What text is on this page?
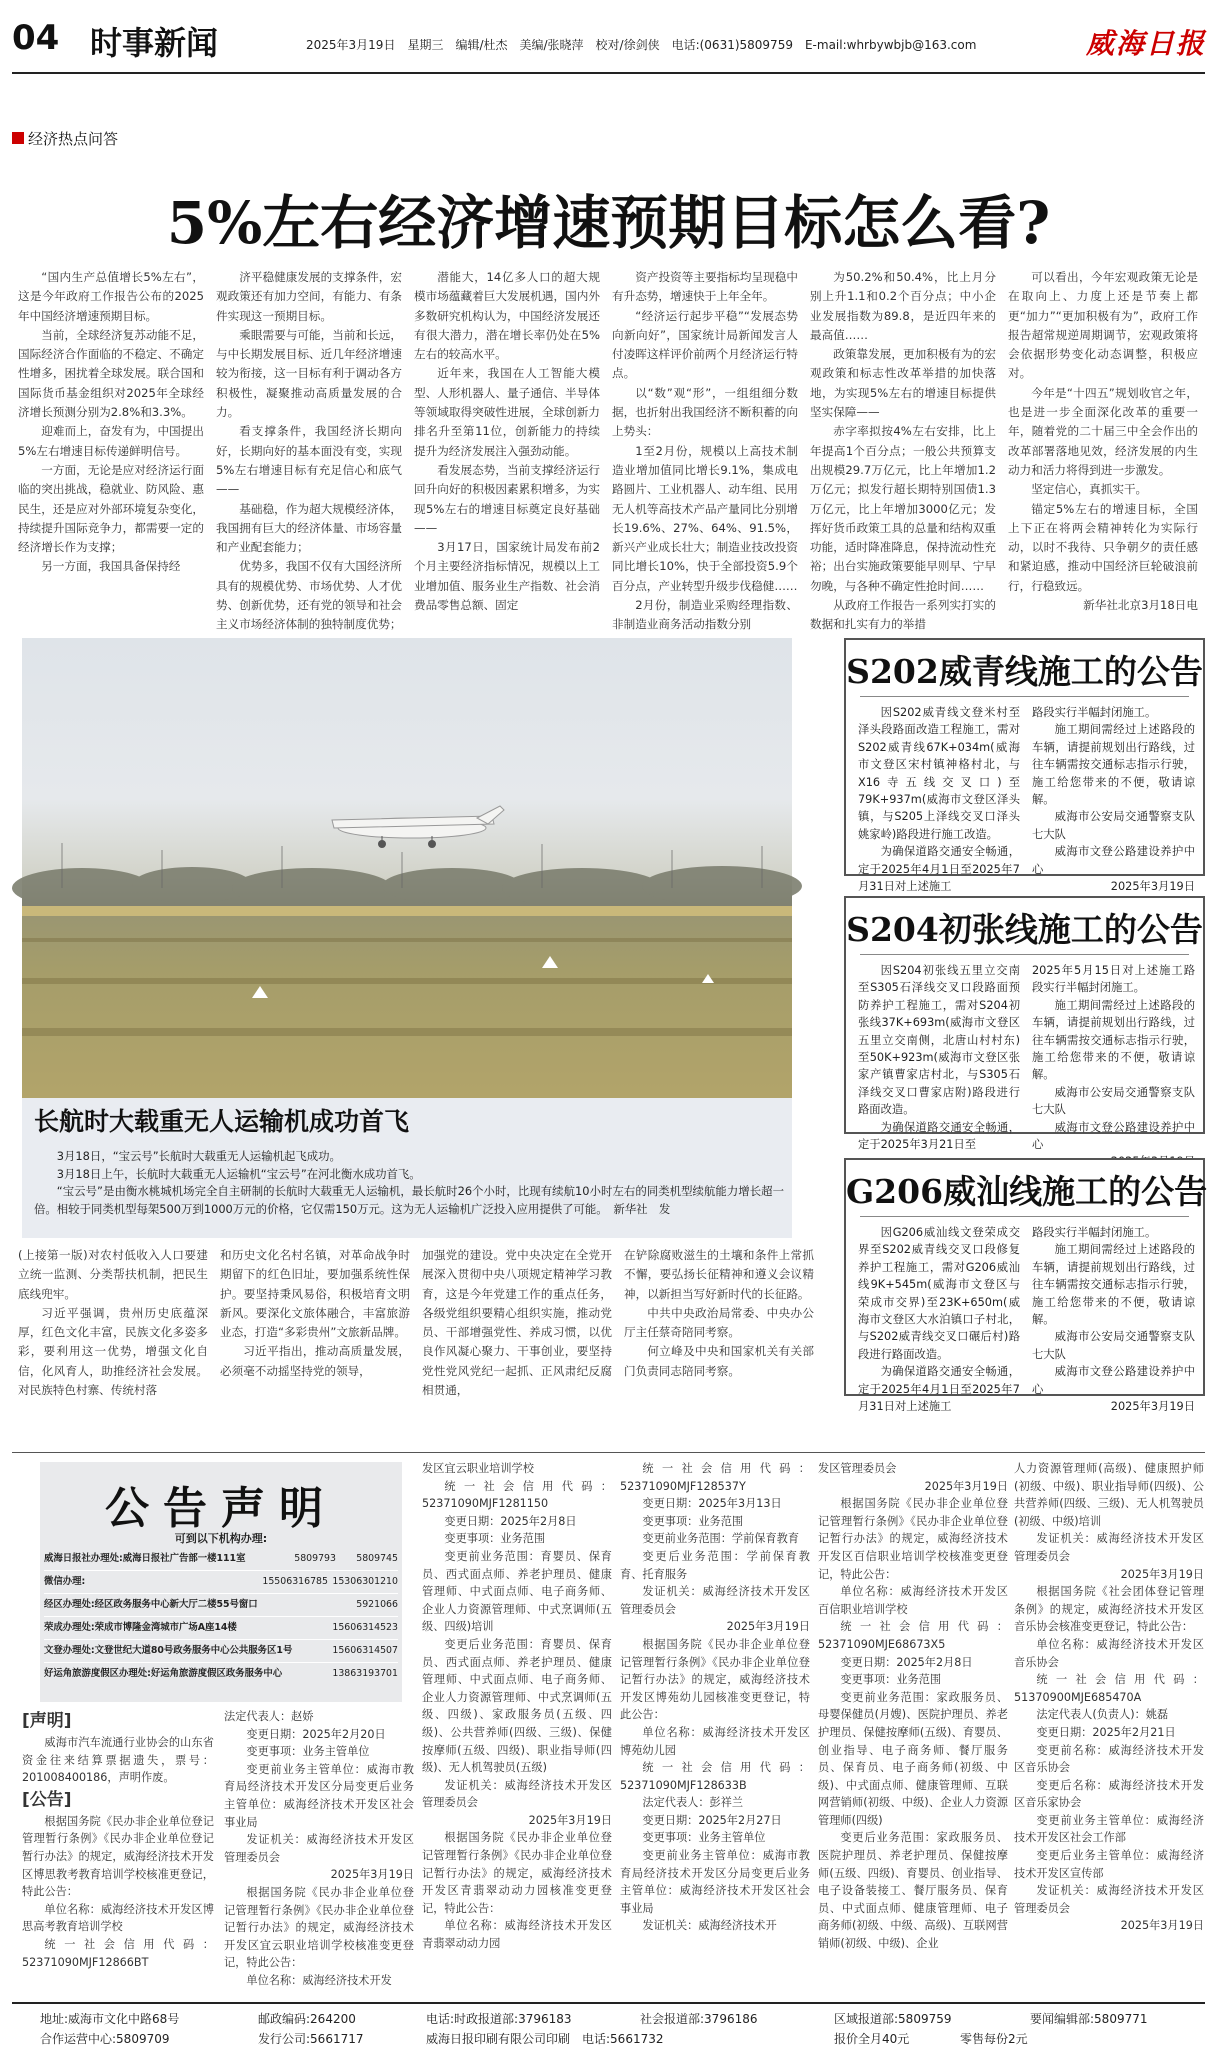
04 时事新闻	2025年3月19日　星期三　编辑/杜杰　美编/张晓萍　校对/徐剑侠　电话:(0631)5809759　E-mail:whrbywbjb@163.com	威海日报
经济热点问答
5%左右经济增速预期目标怎么看?

“国内生产总值增长5%左右”，这是今年政府工作报告公布的2025年中国经济增速预期目标。

当前，全球经济复苏动能不足，国际经济合作面临的不稳定、不确定性增多，困扰着全球发展。联合国和国际货币基金组织对2025年全球经济增长预测分别为2.8%和3.3%。

迎难而上，奋发有为，中国提出5%左右增速目标传递鲜明信号。

一方面，无论是应对经济运行面临的突出挑战，稳就业、防风险、惠民生，还是应对外部环境复杂变化，持续提升国际竞争力，都需要一定的经济增长作为支撑；

另一方面，我国具备保持经

济平稳健康发展的支撑条件，宏观政策还有加力空间，有能力、有条件实现这一预期目标。

乘眼需要与可能，当前和长远，与中长期发展目标、近几年经济增速较为衔接，这一目标有利于调动各方积极性，凝聚推动高质量发展的合力。

看支撑条件，我国经济长期向好，长期向好的基本面没有变，实现5%左右增速目标有充足信心和底气——

基础稳，作为超大规模经济体，我国拥有巨大的经济体量、市场容量和产业配套能力；

优势多，我国不仅有大国经济所具有的规模优势、市场优势、人才优势、创新优势，还有党的领导和社会主义市场经济体制的独特制度优势；

潜能大，14亿多人口的超大规模市场蕴藏着巨大发展机遇，国内外多数研究机构认为，中国经济发展还有很大潜力，潜在增长率仍处在5%左右的较高水平。

近年来，我国在人工智能大模型、人形机器人、量子通信、半导体等领域取得突破性进展，全球创新力排名升至第11位，创新能力的持续提升为经济发展注入强劲动能。

看发展态势，当前支撑经济运行回升向好的积极因素累积增多，为实现5%左右的增速目标奠定良好基础——

3月17日，国家统计局发布前2个月主要经济指标情况，规模以上工业增加值、服务业生产指数、社会消费品零售总额、固定

资产投资等主要指标均呈现稳中有升态势，增速快于上年全年。

“经济运行起步平稳”“发展态势向新向好”，国家统计局新闻发言人付凌晖这样评价前两个月经济运行特点。

以“数”观“形”，一组组细分数据，也折射出我国经济不断积蓄的向上势头：

1至2月份，规模以上高技术制造业增加值同比增长9.1%，集成电路圆片、工业机器人、动车组、民用无人机等高技术产品产量同比分别增长19.6%、27%、64%、91.5%，新兴产业成长壮大；制造业技改投资同比增长10%，快于全部投资5.9个百分点，产业转型升级步伐稳健……

2月份，制造业采购经理指数、非制造业商务活动指数分别

为50.2%和50.4%，比上月分别上升1.1和0.2个百分点；中小企业发展指数为89.8，是近四年来的最高值……

政策靠发展，更加积极有为的宏观政策和标志性改革举措的加快落地，为实现5%左右的增速目标提供坚实保障——

赤字率拟按4%左右安排，比上年提高1个百分点；一般公共预算支出规模29.7万亿元，比上年增加1.2万亿元；拟发行超长期特别国债1.3万亿元，比上年增加3000亿元；发挥好货币政策工具的总量和结构双重功能，适时降准降息，保持流动性充裕；出台实施政策要能早则早、宁早勿晚，与各种不确定性抢时间……

从政府工作报告一系列实打实的数据和扎实有力的举措

可以看出，今年宏观政策无论是在取向上、力度上还是节奏上都更“加力”“更加积极有为”，政府工作报告超常规逆周期调节，宏观政策将会依据形势变化动态调整，积极应对。

今年是“十四五”规划收官之年，也是进一步全面深化改革的重要一年，随着党的二十届三中全会作出的改革部署落地见效，经济发展的内生动力和活力将得到进一步激发。

坚定信心，真抓实干。

锚定5%左右的增速目标，全国上下正在将两会精神转化为实际行动，以时不我待、只争朝夕的责任感和紧迫感，推动中国经济巨轮破浪前行，行稳致远。

新华社北京3月18日电

长航时大载重无人运输机成功首飞

3月18日，“宝云号”长航时大载重无人运输机起飞成功。

3月18日上午，长航时大载重无人运输机“宝云号”在河北衡水成功首飞。

“宝云号”是由衡水桃城机场完全自主研制的长航时大载重无人运输机，最长航时26个小时，比现有续航10小时左右的同类机型续航能力增长超一倍。相较于同类机型每架500万到1000万元的价格，它仅需150万元。这为无人运输机广泛投入应用提供了可能。　新华社　发

(上接第一版)对农村低收入人口要建立统一监测、分类帮扶机制，把民生底线兜牢。

习近平强调，贵州历史底蕴深厚，红色文化丰富，民族文化多姿多彩，要利用这一优势，增强文化自信，化风育人，助推经济社会发展。对民族特色村寨、传统村落

和历史文化名村名镇，对革命战争时期留下的红色旧址，要加强系统性保护。要坚持秉风易俗，积极培育文明新风。要深化文旅体融合，丰富旅游业态，打造“多彩贵州”文旅新品牌。

习近平指出，推动高质量发展，必须毫不动摇坚持党的领导，

加强党的建设。党中央决定在全党开展深入贯彻中央八项规定精神学习教育，这是今年党建工作的重点任务，各级党组织要精心组织实施，推动党员、干部增强党性、养成习惯，以优良作风凝心聚力、干事创业，要坚持党性党风党纪一起抓、正风肃纪反腐相贯通，

在铲除腐败滋生的土壤和条件上常抓不懈，要弘扬长征精神和遵义会议精神，以新担当写好新时代的长征路。

中共中央政治局常委、中央办公厅主任蔡奇陪同考察。

何立峰及中央和国家机关有关部门负责同志陪同考察。

S202威青线施工的公告

因S202威青线文登米村至泽头段路面改造工程施工，需对S202威青线67K+034m(威海市文登区宋村镇神格村北，与X16寺五线交叉口)至79K+937m(威海市文登区泽头镇，与S205上泽线交叉口泽头姚家岭)路段进行施工改造。

为确保道路交通安全畅通，定于2025年4月1日至2025年7月31日对上述施工

路段实行半幅封闭施工。

施工期间需经过上述路段的车辆，请提前规划出行路线，过往车辆需按交通标志指示行驶，施工给您带来的不便，敬请谅解。

威海市公安局交通警察支队七大队

威海市文登公路建设养护中心

2025年3月19日

S204初张线施工的公告

因S204初张线五里立交南至S305石泽线交叉口段路面预防养护工程施工，需对S204初张线37K+693m(威海市文登区五里立交南侧，北唐山村村东)至50K+923m(威海市文登区张家产镇曹家店村北，与S305石泽线交叉口曹家店附)路段进行路面改造。

为确保道路交通安全畅通，定于2025年3月21日至

2025年5月15日对上述施工路段实行半幅封闭施工。

施工期间需经过上述路段的车辆，请提前规划出行路线，过往车辆需按交通标志指示行驶，施工给您带来的不便，敬请谅解。

威海市公安局交通警察支队七大队

威海市文登公路建设养护中心

G206威汕线施工的公告

因G206威汕线文登荣成交界至S202威青线交叉口段修复养护工程施工，需对G206威汕线9K+545m(威海市文登区与荣成市交界)至23K+650m(威海市文登区大水泊镇口子村北，与S202威青线交叉口碾后村)路段进行路面改造。

为确保道路交通安全畅通，定于2025年4月1日至2025年7月31日对上述施工

路段实行半幅封闭施工。

施工期间需经过上述路段的车辆，请提前规划出行路线，过往车辆需按交通标志指示行驶，施工给您带来的不便，敬请谅解。

威海市公安局交通警察支队七大队

威海市文登公路建设养护中心

2025年3月19日

公告声明
可到以下机构办理:
威海日报社办理处:威海日报社广告部一楼111室	5809793	5809745
微信办理:	15506316785 15306301210
经区办理处:经区政务服务中心新大厅二楼55号窗口	5921066
荣成办理处:荣成市博隆金湾城市广场A座14楼	15606314523
文登办理处:文登世纪大道80号政务服务中心公共服务区1号	15606314507
好运角旅游度假区办理处:好运角旅游度假区政务服务中心	13863193701

[声明]

威海市汽车流通行业协会的山东省资金往来结算票据遗失，票号：201008400186，声明作废。

[公告]

根据国务院《民办非企业单位登记管理暂行条例》《民办非企业单位登记暂行办法》的规定，威海经济技术开发区博思教考教育培训学校核准更登记，特此公告：

单位名称：威海经济技术开发区博思高考教育培训学校

统一社会信用代码：52371090MJF12866BT

法定代表人：赵娇

变更日期：2025年2月20日

变更事项：业务主管单位

变更前业务主管单位：威海市教育局经济技术开发区分局变更后业务主管单位：威海经济技术开发区社会事业局

发证机关：威海经济技术开发区管理委员会

2025年3月19日

根据国务院《民办非企业单位登记管理暂行条例》《民办非企业单位登记暂行办法》的规定，威海经济技术开发区宜云职业培训学校核准变更登记，特此公告：

单位名称：威海经济技术开发

发区宜云职业培训学校

统一社会信用代码：52371090MJF1281150

变更日期：2025年2月8日

变更事项：业务范围

变更前业务范围：育婴员、保育员、西式面点师、养老护理员、健康管理师、中式面点师、电子商务师、企业人力资源管理师、中式烹调师(五级、四级)培训

变更后业务范围：育婴员、保育员、西式面点师、养老护理员、健康管理师、中式面点师、电子商务师、企业人力资源管理师、中式烹调师(五级、四级)、家政服务员(五级、四级)、公共营养师(四级、三级)、保健按摩师(五级、四级)、职业指导师(四级)、无人机驾驶员(五级)

发证机关：威海经济技术开发区管理委员会

2025年3月19日

根据国务院《民办非企业单位登记管理暂行条例》《民办非企业单位登记暂行办法》的规定，威海经济技术开发区青翡翠动动力园核准变更登记，特此公告：

单位名称：威海经济技术开发区青翡翠动动力园

统一社会信用代码：52371090MJF128537Y

变更日期：2025年3月13日

变更事项：业务范围

变更前业务范围：学前保育教育

变更后业务范围：学前保育教育、托育服务

发证机关：威海经济技术开发区管理委员会

2025年3月19日

根据国务院《民办非企业单位登记管理暂行条例》《民办非企业单位登记暂行办法》的规定，威海经济技术开发区博苑幼儿园核准变更登记，特此公告：

单位名称：威海经济技术开发区博苑幼儿园

统一社会信用代码：52371090MJF128633B

法定代表人：彭祥兰

变更日期：2025年2月27日

变更事项：业务主管单位

变更前业务主管单位：威海市教育局经济技术开发区分局变更后业务主管单位：威海经济技术开发区社会事业局

发证机关：威海经济技术开

发区管理委员会

2025年3月19日

根据国务院《民办非企业单位登记管理暂行条例》《民办非企业单位登记暂行办法》的规定，威海经济技术开发区百信职业培训学校核准变更登记，特此公告：

单位名称：威海经济技术开发区百信职业培训学校

统一社会信用代码：52371090MJE68673X5

变更日期：2025年2月8日

变更事项：业务范围

变更前业务范围：家政服务员、母婴保健员(月嫂)、医院护理员、养老护理员、保健按摩师(五级)、育婴员、创业指导、电子商务师、餐厅服务员、保育员、电子商务师(初级、中级)、中式面点师、健康管理师、互联网营销师(初级、中级)、企业人力资源管理师(四级)

变更后业务范围：家政服务员、医院护理员、养老护理员、保健按摩师(五级、四级)、育婴员、创业指导、电子设备装接工、餐厅服务员、保育员、中式面点师、健康管理师、电子商务师(初级、中级、高级)、互联网营销师(初级、中级)、企业

人力资源管理师(高级)、健康照护师(初级、中级)、职业指导师(四级)、公共营养师(四级、三级)、无人机驾驶员(初级、中级)培训

发证机关：威海经济技术开发区管理委员会

2025年3月19日

根据国务院《社会团体登记管理条例》的规定，威海经济技术开发区音乐协会核准变更登记，特此公告：

单位名称：威海经济技术开发区音乐协会

统一社会信用代码：51370900MJE685470A

法定代表人(负责人)：姚磊

变更日期：2025年2月21日

变更前名称：威海经济技术开发区音乐协会

变更后名称：威海经济技术开发区音乐家协会

变更前业务主管单位：威海经济技术开发区社会工作部

变更后业务主管单位：威海经济技术开发区宣传部

发证机关：威海经济技术开发区管理委员会

2025年3月19日

地址:威海市文化中路68号	邮政编码:264200	电话:时政报道部:3796183	社会报道部:3796186	区域报道部:5809759	要闻编辑部:5809771
合作运营中心:5809709	发行公司:5661717	威海日报印刷有限公司印刷　电话:5661732	报价全月40元	零售每份2元
